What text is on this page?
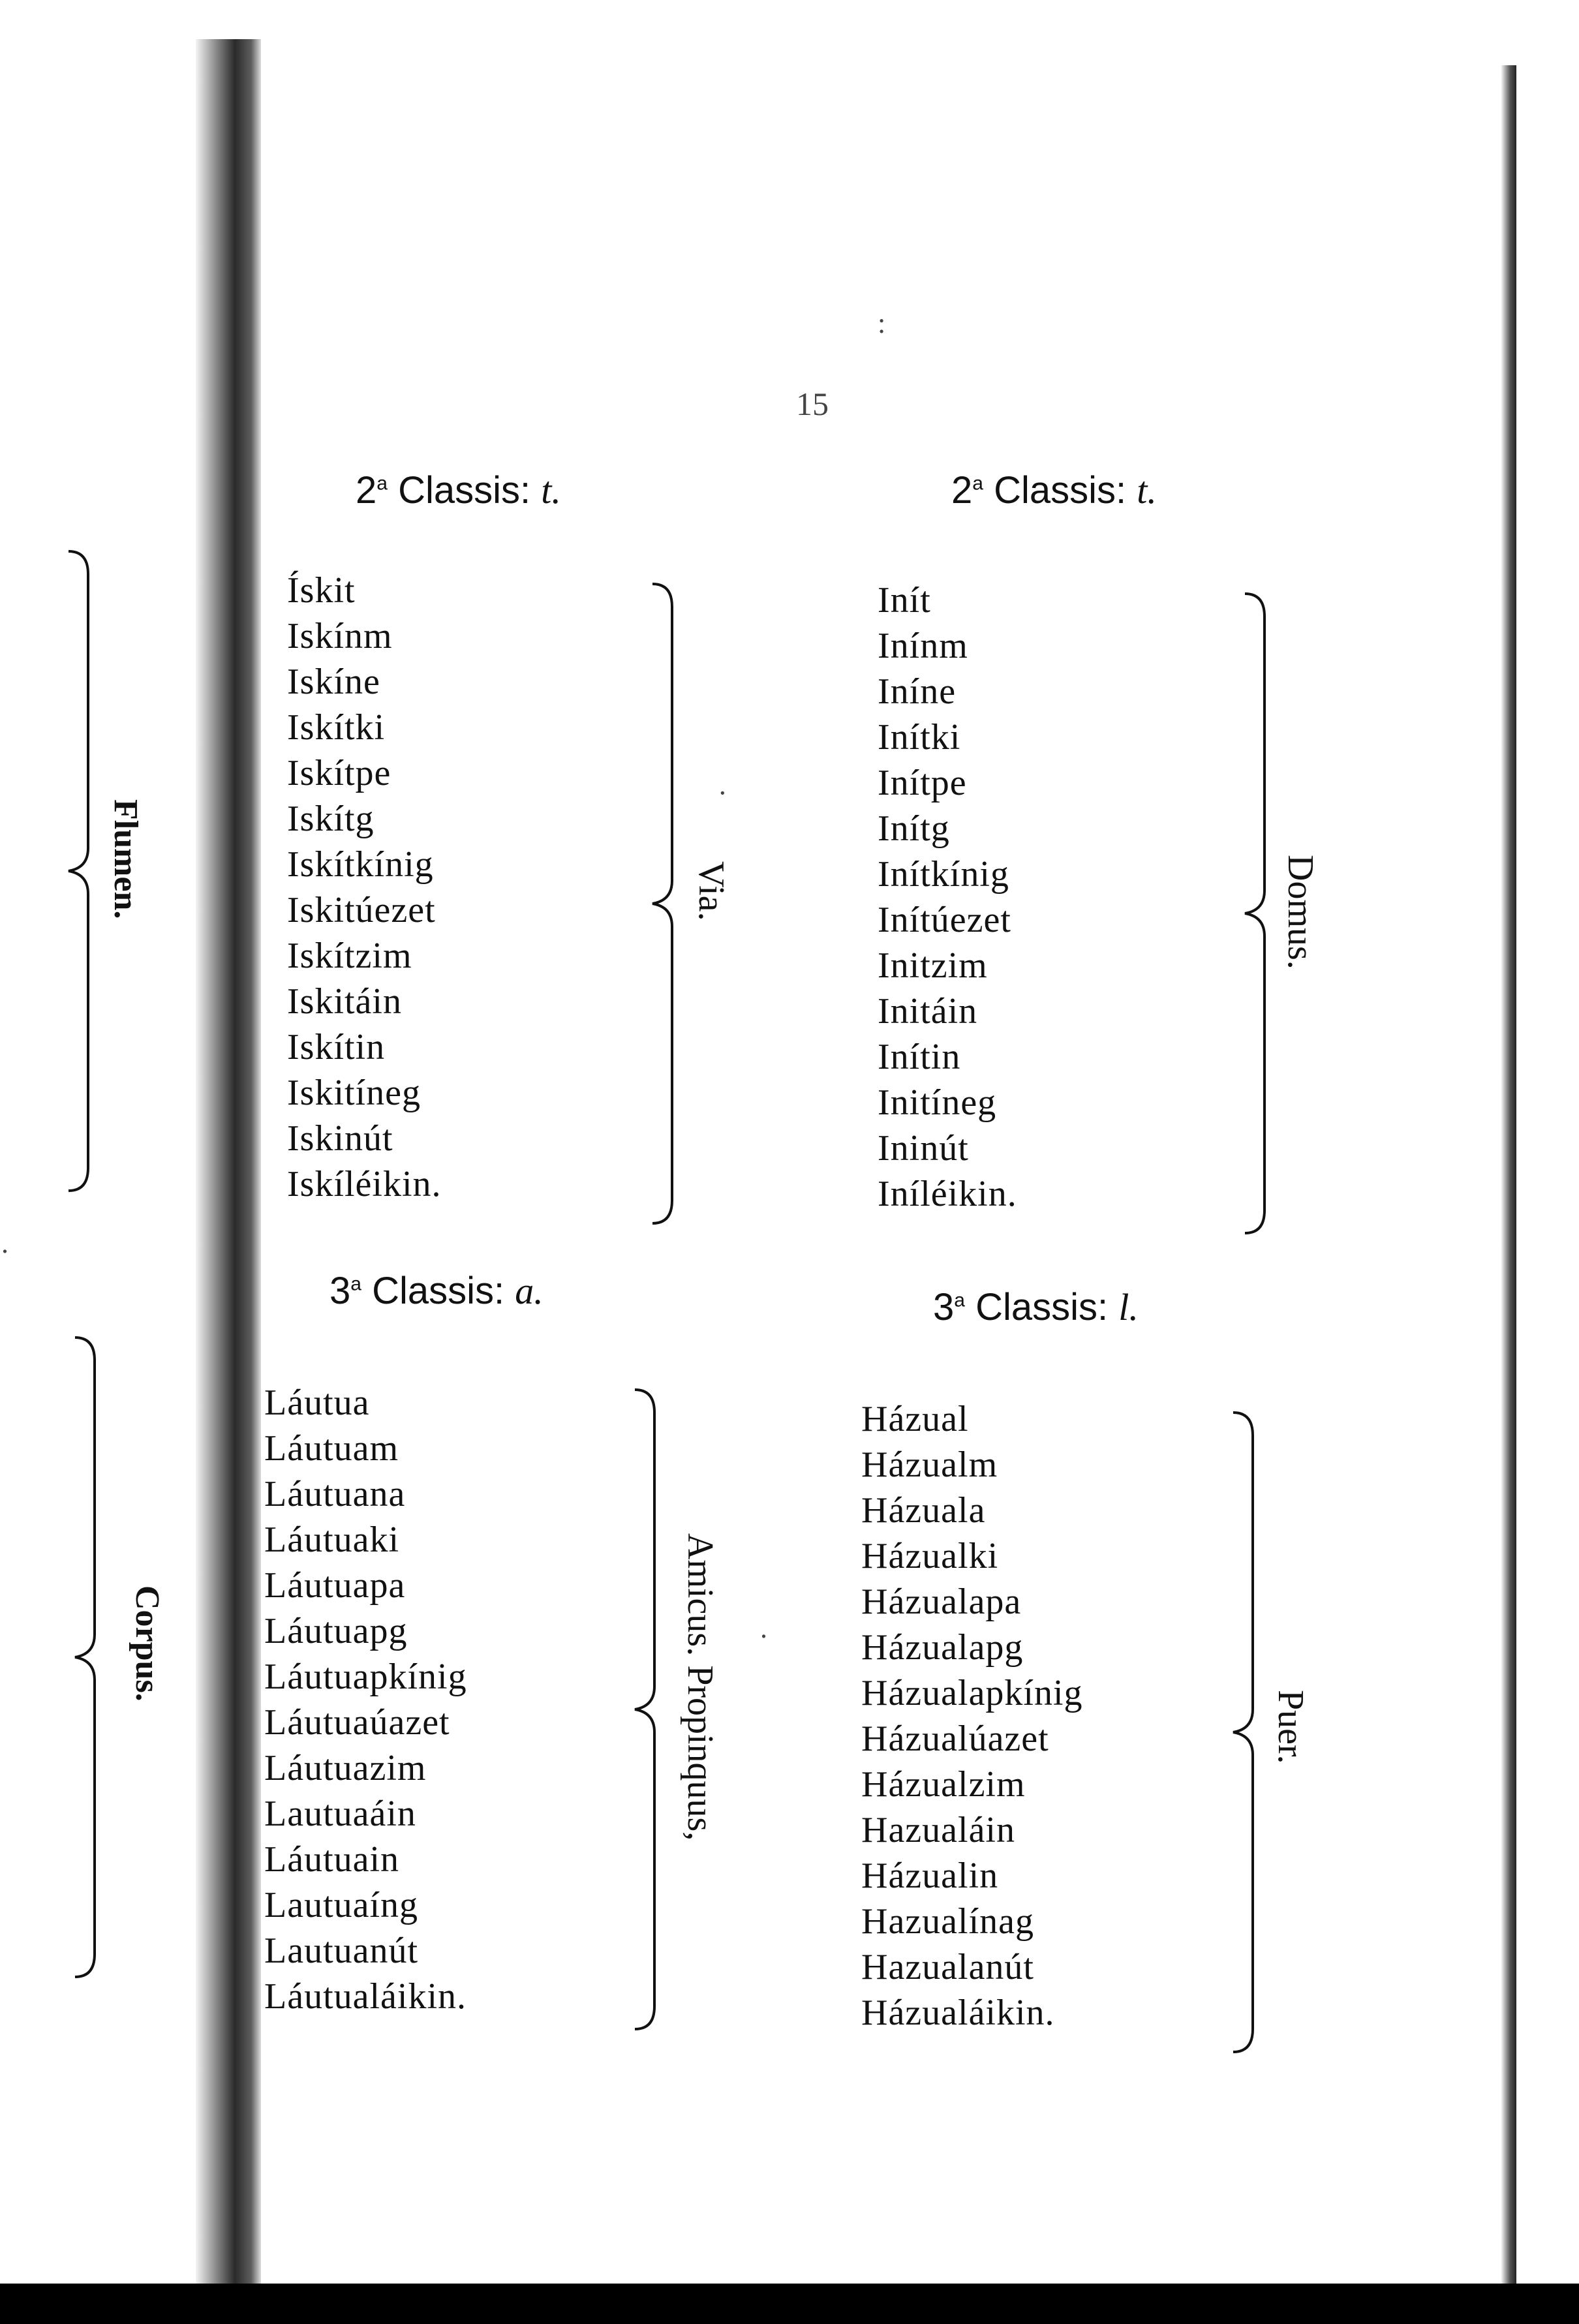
Flumen.
Corpus.
.
15
:
·
.
2$^a$ Classis: t.
Ískit
Iskínm
Iskíne
Iskítki
Iskítpe
Iskítg
Iskítkínig
Iskitúezet
Iskítzim
Iskitáin
Iskítin
Iskitíneg
Iskinút
Iskíléikin.
Via.
2$^a$ Classis: t.
Inít
Inínm
Iníne
Inítki
Inítpe
Inítg
Inítkínig
Inítúezet
Initzim
Initáin
Inítin
Initíneg
Ininút
Iníléikin.
Domus.
3$^a$ Classis: a.
Láutua
Láutuam
Láutuana
Láutuaki
Láutuapa
Láutuapg
Láutuapkínig
Láutuaúazet
Láutuazim
Lautuaáin
Láutuain
Lautuaíng
Lautuanút
Láutualáikin.
Amicus. Propinquus,
3$^a$ Classis: l.
Házual
Házualm
Házuala
Házualki
Házualapa
Házualapg
Házualapkínig
Házualúazet
Házualzim
Hazualáin
Házualin
Hazualínag
Hazualanút
Házualáikin.
Puer.
